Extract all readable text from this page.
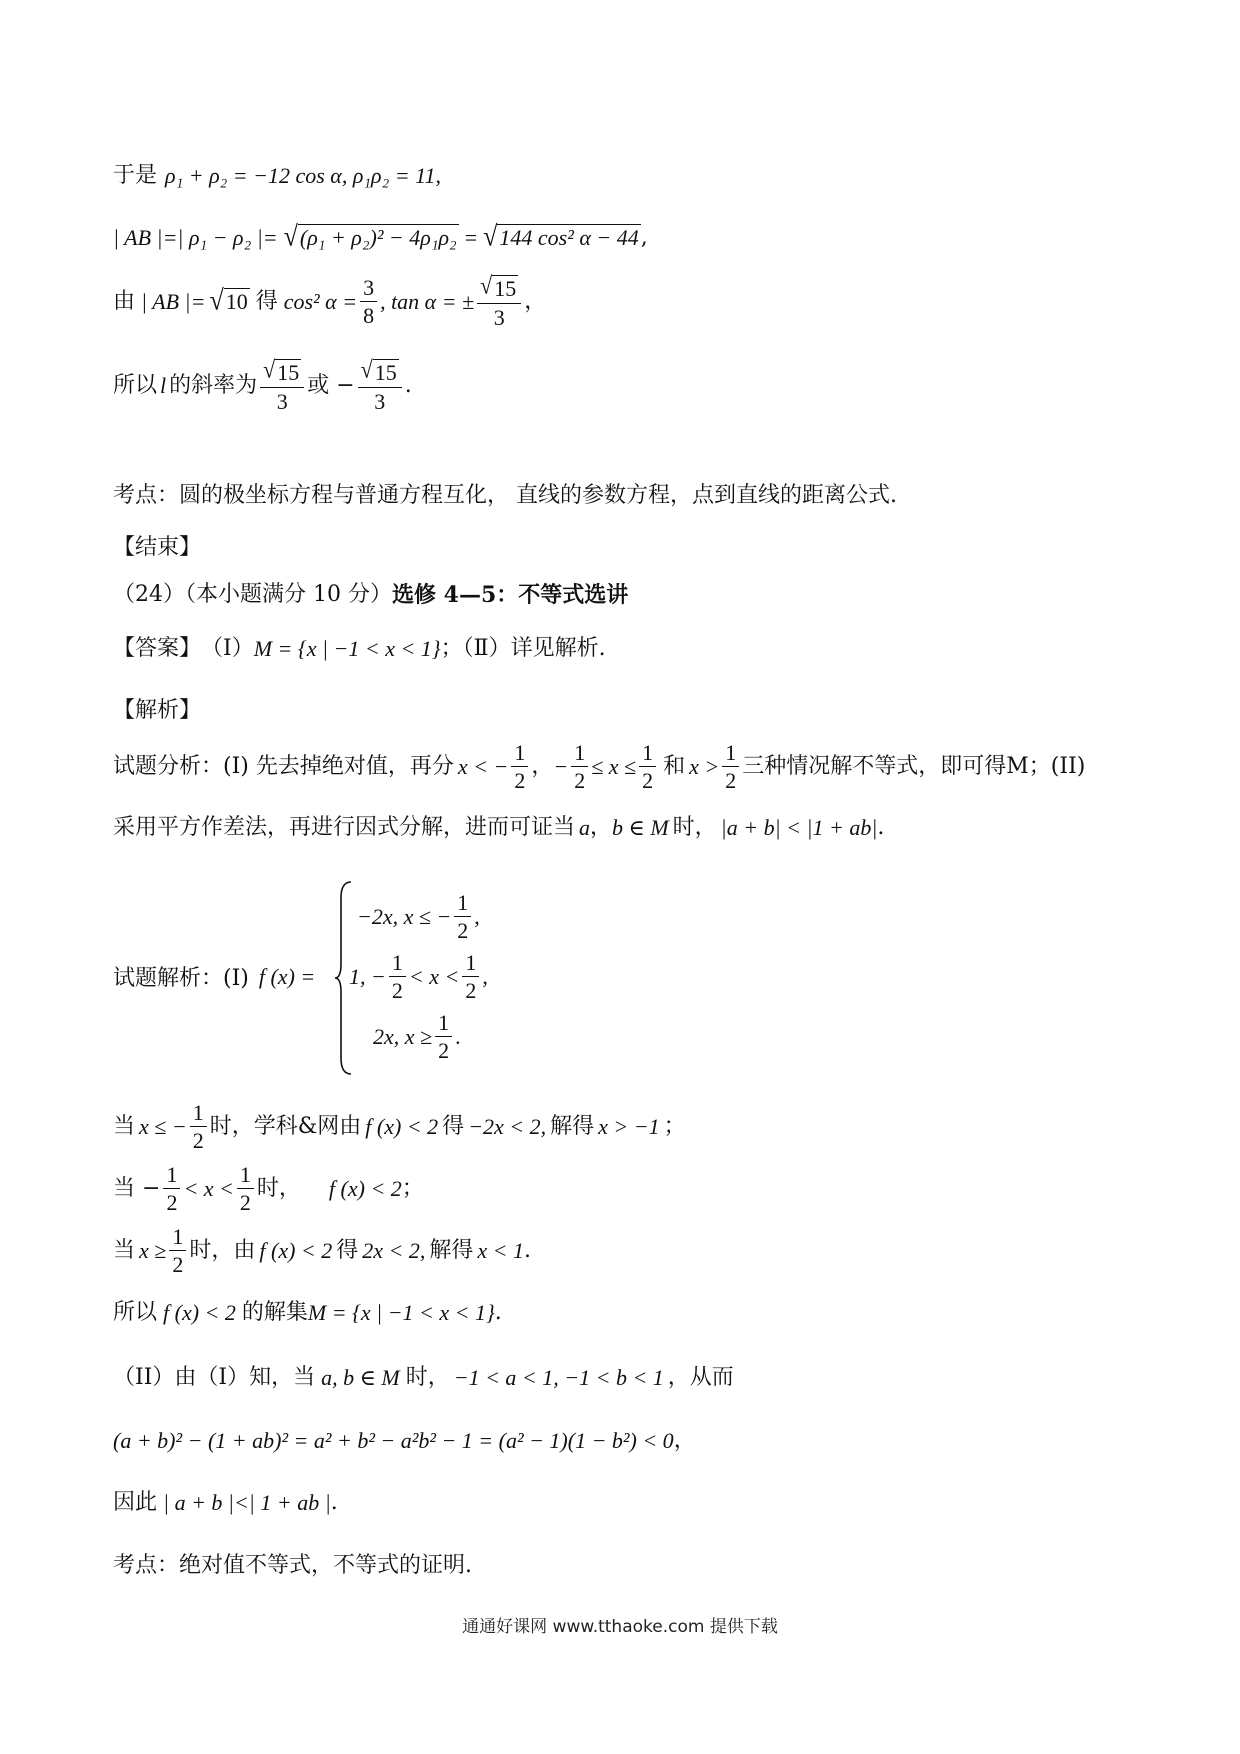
于是 ρ₁ + ρ₂ = −12 cos α, ρ₁ρ₂ = 11,
| AB |=| ρ₁ − ρ₂ |= √ (ρ₁ + ρ₂)² − 4ρ₁ρ₂ = √ 144 cos² α − 44 ,
由 | AB |= √ 10 得 cos² $\alpha = \frac{3}{8}$ , tan α = ± $\frac{√ 15}{3}$ ，
所以 l 的斜率为 $\frac{√ 15}{3}$ 或 − $\frac{√ 15}{3}$ .
考点： 圆的极坐标方程与普通方程互化， 直线的参数方程，点到直线的距离公式.
【结束】
（24）（本小题满分 10 分） 选修 4—5：不等式选讲
【答案】 （Ⅰ） M = {x | −1 < x < 1} ；（Ⅱ）详见解析.
【解析】
试题分析：(I) 先去掉绝对值，再分 x < − $\frac{1}{2}$ ， − $\frac{1}{2} \le x \le \frac{1}{2}$ 和 $x > \frac{1}{2}$ 三种情况解不等式，即可得M；(II)
采用平方作差法，再进行因式分解，进而可证当 a ， b ∈ M 时， |a + b| < |1 + ab| .
试题解析：(I) f (x) =
−2x, x ≤ − $\frac{1}{2}$ ,
1, − $\frac{1}{2} < x < \frac{1}{2}$ ,
2x, $x \ge \frac{1}{2}$ .
当 x ≤ − $\frac{1}{2}$ 时，学科&网由 f (x) < 2 得 −2x < 2, 解得 x > −1 ；
当 − $\frac{1}{2} < x < \frac{1}{2}$ 时， f (x) < 2 ；
当 $x \ge \frac{1}{2}$ 时，由 f (x) < 2 得 2x < 2, 解得 x < 1 .
所以 f (x) < 2 的解集 M = {x | −1 < x < 1} .
（II）由（I）知，当 a, b ∈ M 时， −1 < a < 1, −1 < b < 1 ，从而
(a + b)² − (1 + ab)² = a² + b² − a²b² − 1 = (a² − 1)(1 − b²) < 0 ，
因此 | a + b |<| 1 + ab | .
考点： 绝对值不等式，不等式的证明.
通通好课网 www.tthaoke.com 提供下载
